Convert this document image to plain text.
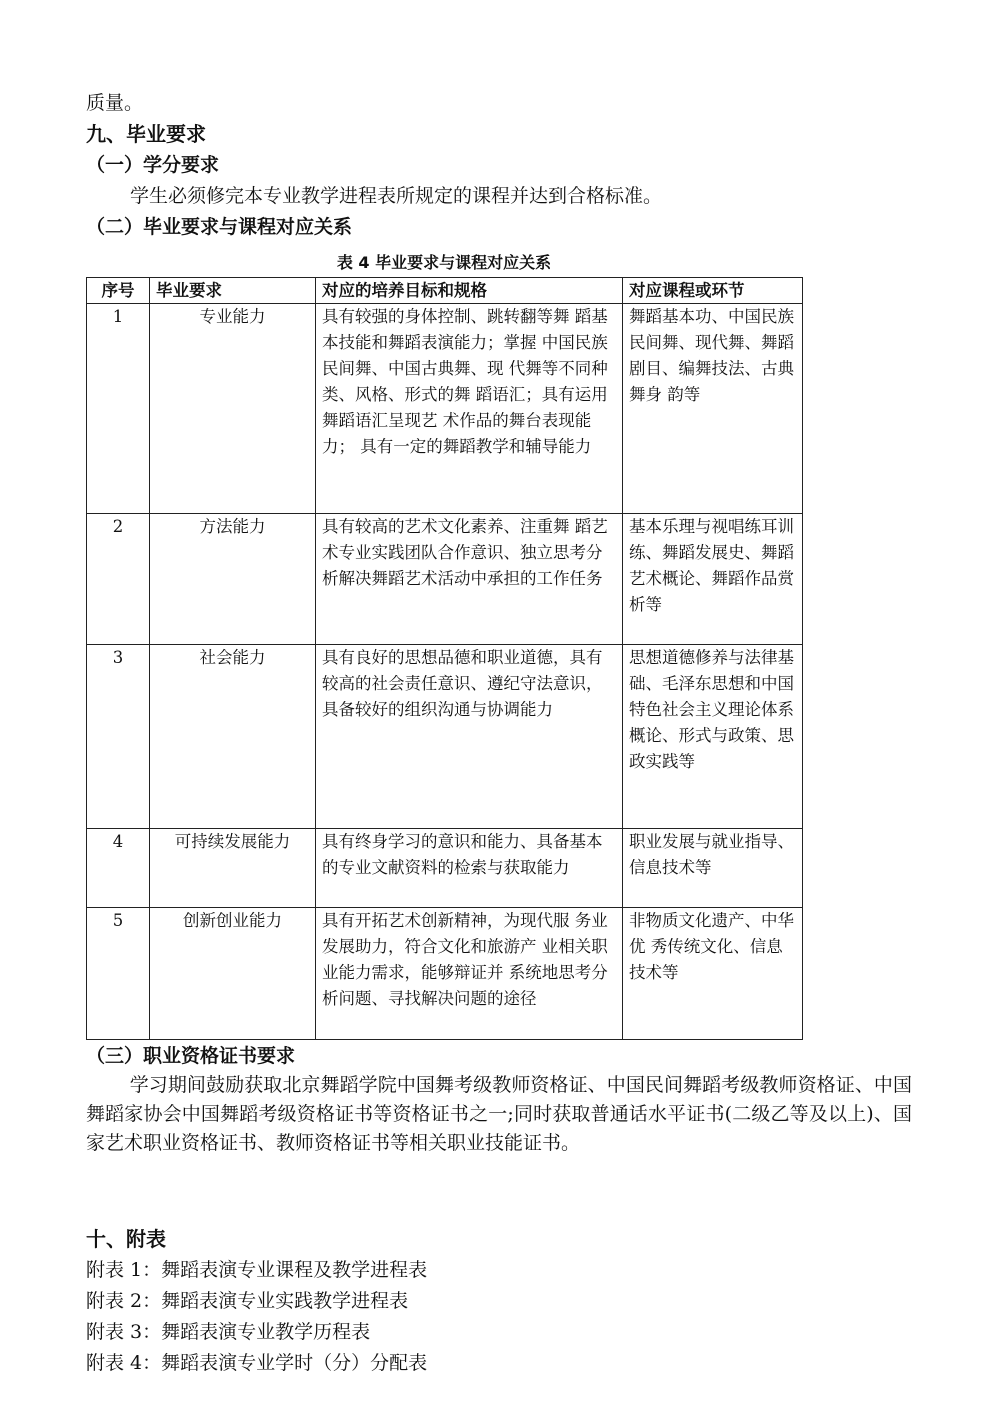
质量。
九、毕业要求
（一）学分要求
学生必须修完本专业教学进程表所规定的课程并达到合格标准。
（二）毕业要求与课程对应关系
表 4 毕业要求与课程对应关系
序号	毕业要求	对应的培养目标和规格	对应课程或环节
1	专业能力	具有较强的身体控制、跳转翻等舞 蹈基本技能和舞蹈表演能力；掌握 中国民族民间舞、中国古典舞、现 代舞等不同种类、风格、形式的舞 蹈语汇；具有运用舞蹈语汇呈现艺 术作品的舞台表现能力； 具有一定的舞蹈教学和辅导能力	舞蹈基本功、中国民族民间舞、现代舞、舞蹈剧目、编舞技法、古典舞身 韵等
2	方法能力	具有较高的艺术文化素养、注重舞 蹈艺术专业实践团队合作意识、独立思考分析解决舞蹈艺术活动中承担的工作任务	基本乐理与视唱练耳训练、舞蹈发展史、舞蹈艺术概论、舞蹈作品赏析等
3	社会能力	具有良好的思想品德和职业道德，具有较高的社会责任意识、遵纪守法意识，具备较好的组织沟通与协调能力	思想道德修养与法律基础、毛泽东思想和中国特色社会主义理论体系概论、形式与政策、思政实践等
4	可持续发展能力	具有终身学习的意识和能力、具备基本的专业文献资料的检索与获取能力	职业发展与就业指导、信息技术等
5	创新创业能力	具有开拓艺术创新精神，为现代服 务业发展助力，符合文化和旅游产 业相关职业能力需求，能够辩证并 系统地思考分析问题、寻找解决问题的途径	非物质文化遗产、中华优 秀传统文化、信息技术等
（三）职业资格证书要求
学习期间鼓励获取北京舞蹈学院中国舞考级教师资格证、中国民间舞蹈考级教师资格证、中国舞蹈家协会中国舞蹈考级资格证书等资格证书之一;同时获取普通话水平证书(二级乙等及以上)、国家艺术职业资格证书、教师资格证书等相关职业技能证书。
十、附表
附表 1：舞蹈表演专业课程及教学进程表
附表 2：舞蹈表演专业实践教学进程表
附表 3：舞蹈表演专业教学历程表
附表 4：舞蹈表演专业学时（分）分配表
